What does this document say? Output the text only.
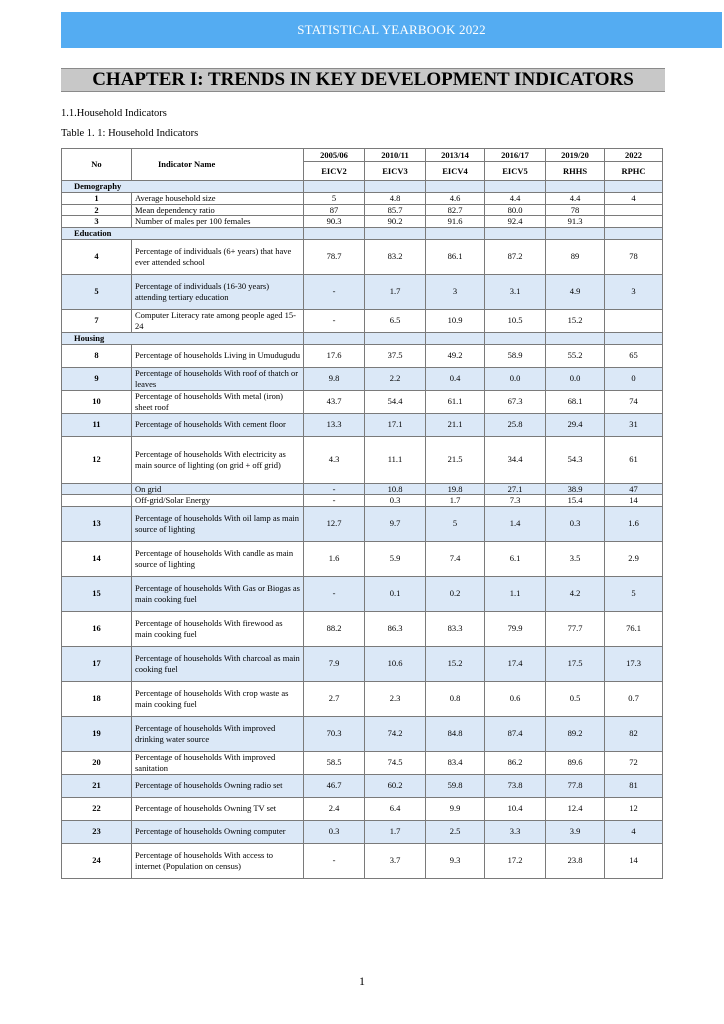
STATISTICAL YEARBOOK 2022
CHAPTER I: TRENDS IN KEY DEVELOPMENT INDICATORS
1.1.Household Indicators
Table 1. 1: Household Indicators
No	Indicator Name	2005/06	2010/11	2013/14	2016/17	2019/20	2022
		EICV2	EICV3	EICV4	EICV5	RHHS	RPHC
Demography							
1	Average household size	5	4.8	4.6	4.4	4.4	4
2	Mean dependency ratio	87	85.7	82.7	80.0	78	
3	Number of males per 100 females	90.3	90.2	91.6	92.4	91.3	
Education							
4	Percentage of individuals (6+ years) that have ever attended school	78.7	83.2	86.1	87.2	89	78
5	Percentage of individuals (16-30 years) attending tertiary education	-	1.7	3	3.1	4.9	3
7	Computer Literacy rate among people aged 15-24	-	6.5	10.9	10.5	15.2	
Housing							
8	Percentage of households Living in Umudugudu	17.6	37.5	49.2	58.9	55.2	65
9	Percentage of households With roof of thatch or leaves	9.8	2.2	0.4	0.0	0.0	0
10	Percentage of households With metal (iron) sheet roof	43.7	54.4	61.1	67.3	68.1	74
11	Percentage of households With cement floor	13.3	17.1	21.1	25.8	29.4	31
12	Percentage of households With electricity as main source of lighting (on grid + off grid)	4.3	11.1	21.5	34.4	54.3	61
	On grid	-	10.8	19.8	27.1	38.9	47
	Off-grid/Solar Energy	-	0.3	1.7	7.3	15.4	14
13	Percentage of households With oil lamp as main source of lighting	12.7	9.7	5	1.4	0.3	1.6
14	Percentage of households With candle as main source of lighting	1.6	5.9	7.4	6.1	3.5	2.9
15	Percentage of households With Gas or Biogas as main cooking fuel	-	0.1	0.2	1.1	4.2	5
16	Percentage of households With firewood as main cooking fuel	88.2	86.3	83.3	79.9	77.7	76.1
17	Percentage of households With charcoal as main cooking fuel	7.9	10.6	15.2	17.4	17.5	17.3
18	Percentage of households With crop waste as main cooking fuel	2.7	2.3	0.8	0.6	0.5	0.7
19	Percentage of households With improved drinking water source	70.3	74.2	84.8	87.4	89.2	82
20	Percentage of households With improved sanitation	58.5	74.5	83.4	86.2	89.6	72
21	Percentage of households Owning radio set	46.7	60.2	59.8	73.8	77.8	81
22	Percentage of households Owning TV set	2.4	6.4	9.9	10.4	12.4	12
23	Percentage of households Owning computer	0.3	1.7	2.5	3.3	3.9	4
24	Percentage of households With access to internet (Population on census)	-	3.7	9.3	17.2	23.8	14
1
